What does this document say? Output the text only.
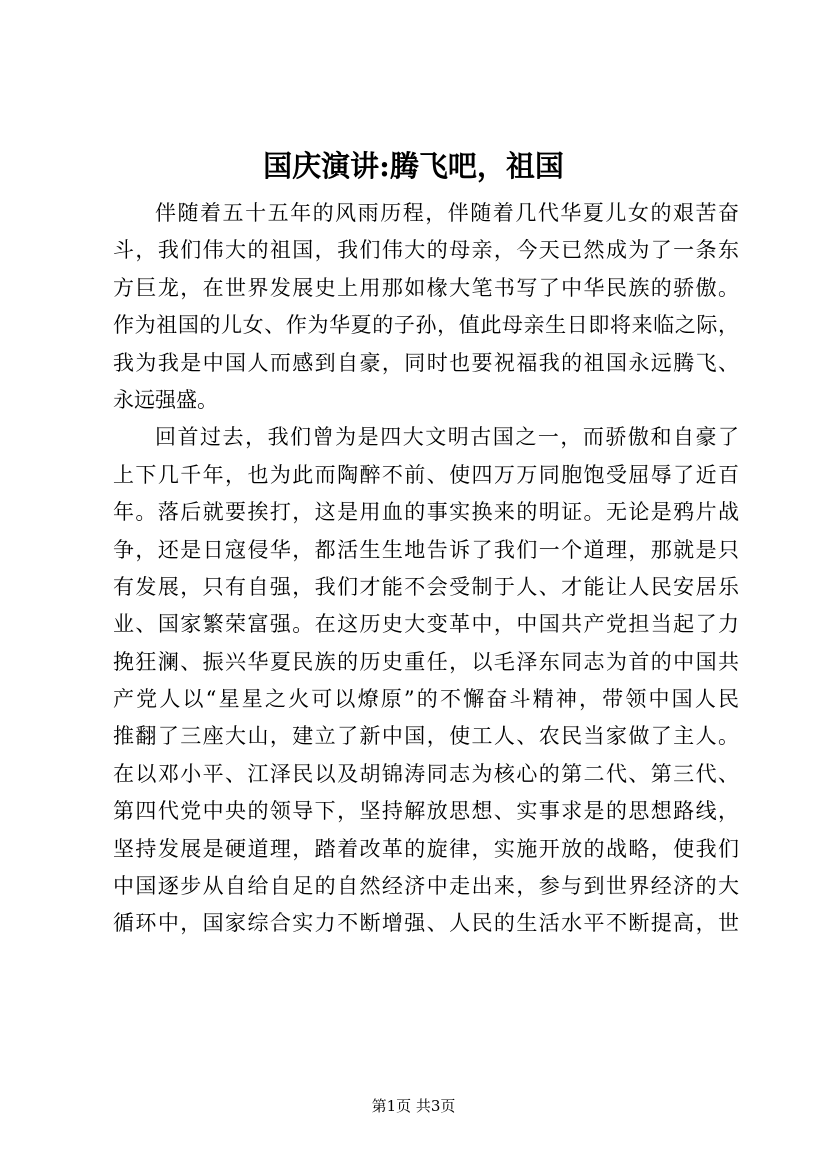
国庆演讲:腾飞吧，祖国
伴随着五十五年的风雨历程，伴随着几代华夏儿女的艰苦奋
斗，我们伟大的祖国，我们伟大的母亲，今天已然成为了一条东
方巨龙，在世界发展史上用那如椽大笔书写了中华民族的骄傲。
作为祖国的儿女、作为华夏的子孙，值此母亲生日即将来临之际，
我为我是中国人而感到自豪，同时也要祝福我的祖国永远腾飞、
永远强盛。
回首过去，我们曾为是四大文明古国之一，而骄傲和自豪了
上下几千年，也为此而陶醉不前、使四万万同胞饱受屈辱了近百
年。落后就要挨打，这是用血的事实换来的明证。无论是鸦片战
争，还是日寇侵华，都活生生地告诉了我们一个道理，那就是只
有发展，只有自强，我们才能不会受制于人、才能让人民安居乐
业、国家繁荣富强。在这历史大变革中，中国共产党担当起了力
挽狂澜、振兴华夏民族的历史重任，以毛泽东同志为首的中国共
产党人以“星星之火可以燎原”的不懈奋斗精神，带领中国人民
推翻了三座大山，建立了新中国，使工人、农民当家做了主人。
在以邓小平、江泽民以及胡锦涛同志为核心的第二代、第三代、
第四代党中央的领导下，坚持解放思想、实事求是的思想路线，
坚持发展是硬道理，踏着改革的旋律，实施开放的战略，使我们
中国逐步从自给自足的自然经济中走出来，参与到世界经济的大
循环中，国家综合实力不断增强、人民的生活水平不断提高，世
第1页 共3页
